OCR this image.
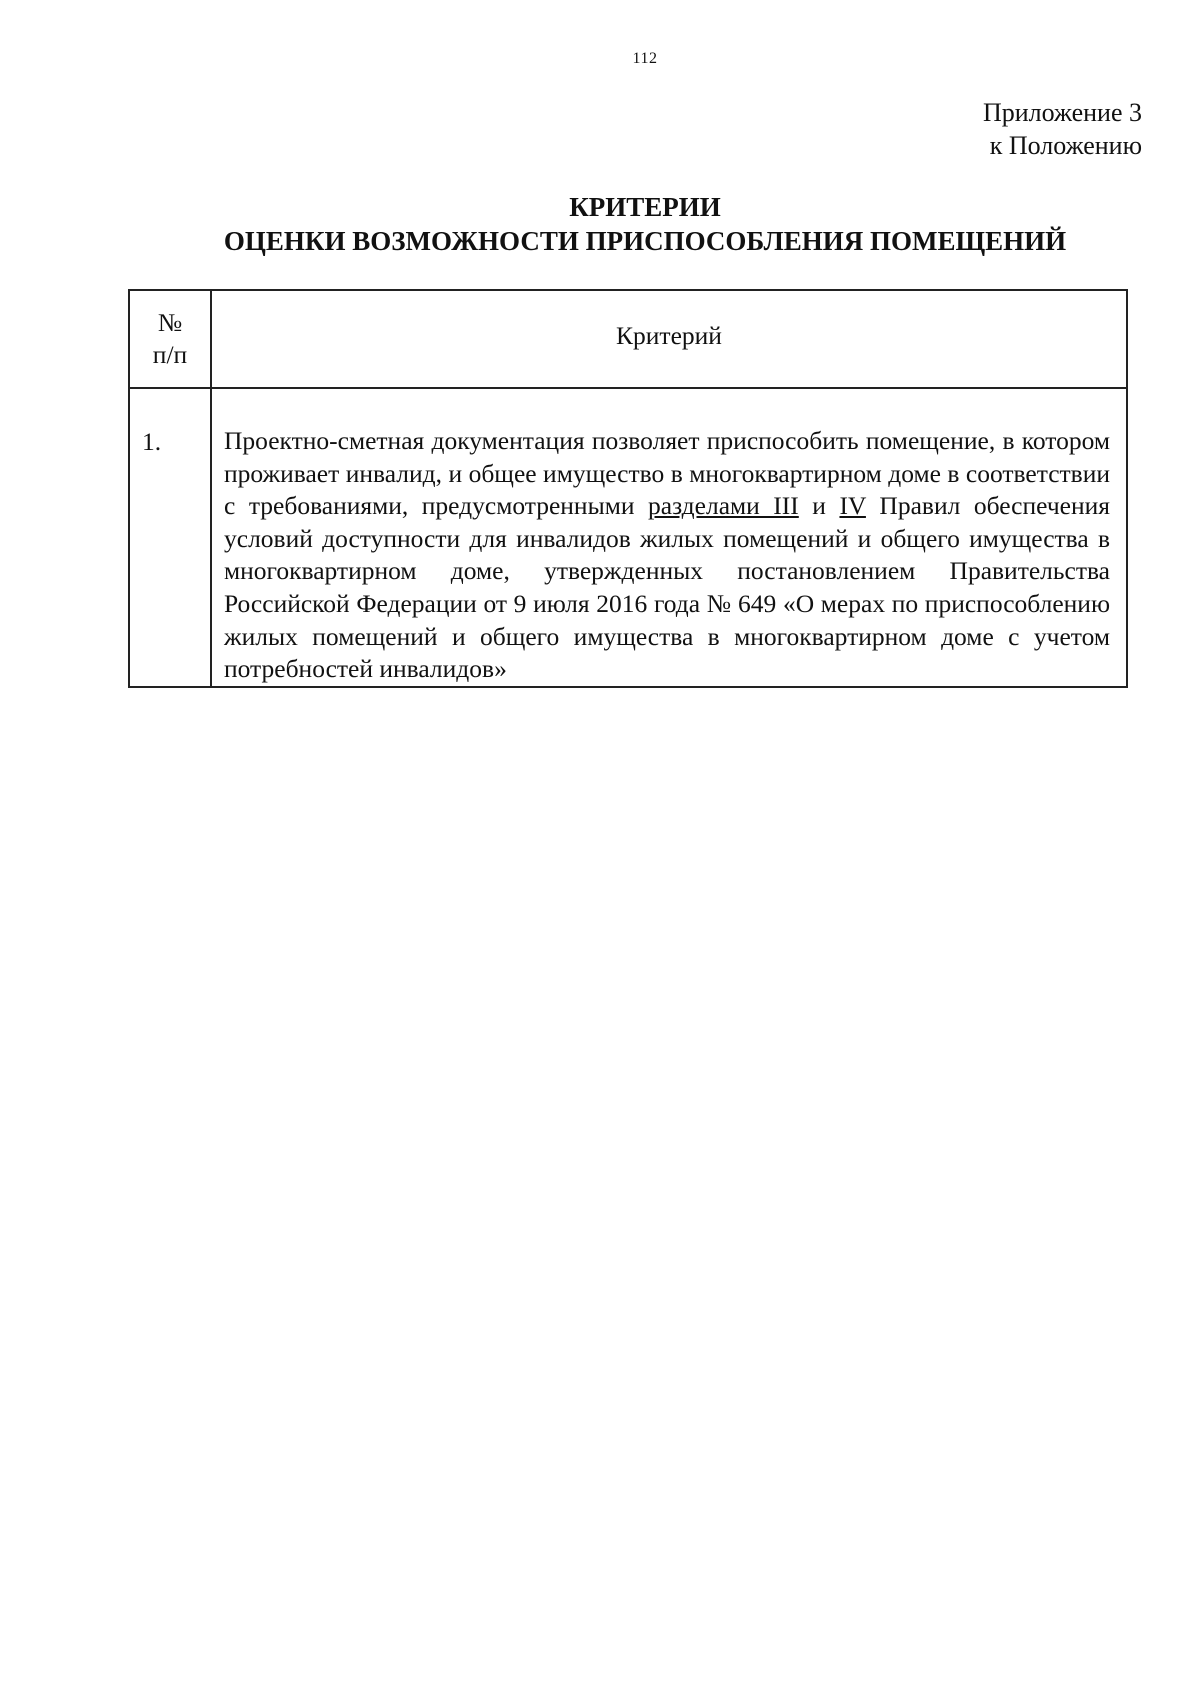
112
Приложение 3
к Положению
КРИТЕРИИ
ОЦЕНКИ ВОЗМОЖНОСТИ ПРИСПОСОБЛЕНИЯ ПОМЕЩЕНИЙ
№
п/п	Критерий
1.	Проектно-сметная документация позволяет приспособить помещение, в котором проживает инвалид, и общее имущество в многоквартирном доме в соответствии с требованиями, предусмотренными разделами III и IV Правил обеспечения условий доступности для инвалидов жилых помещений и общего имущества в многоквартирном доме, утвержденных постановлением Правительства Российской Федерации от 9 июля 2016 года № 649 «О мерах по приспособлению жилых помещений и общего имущества в многоквартирном доме с учетом потребностей инвалидов»
